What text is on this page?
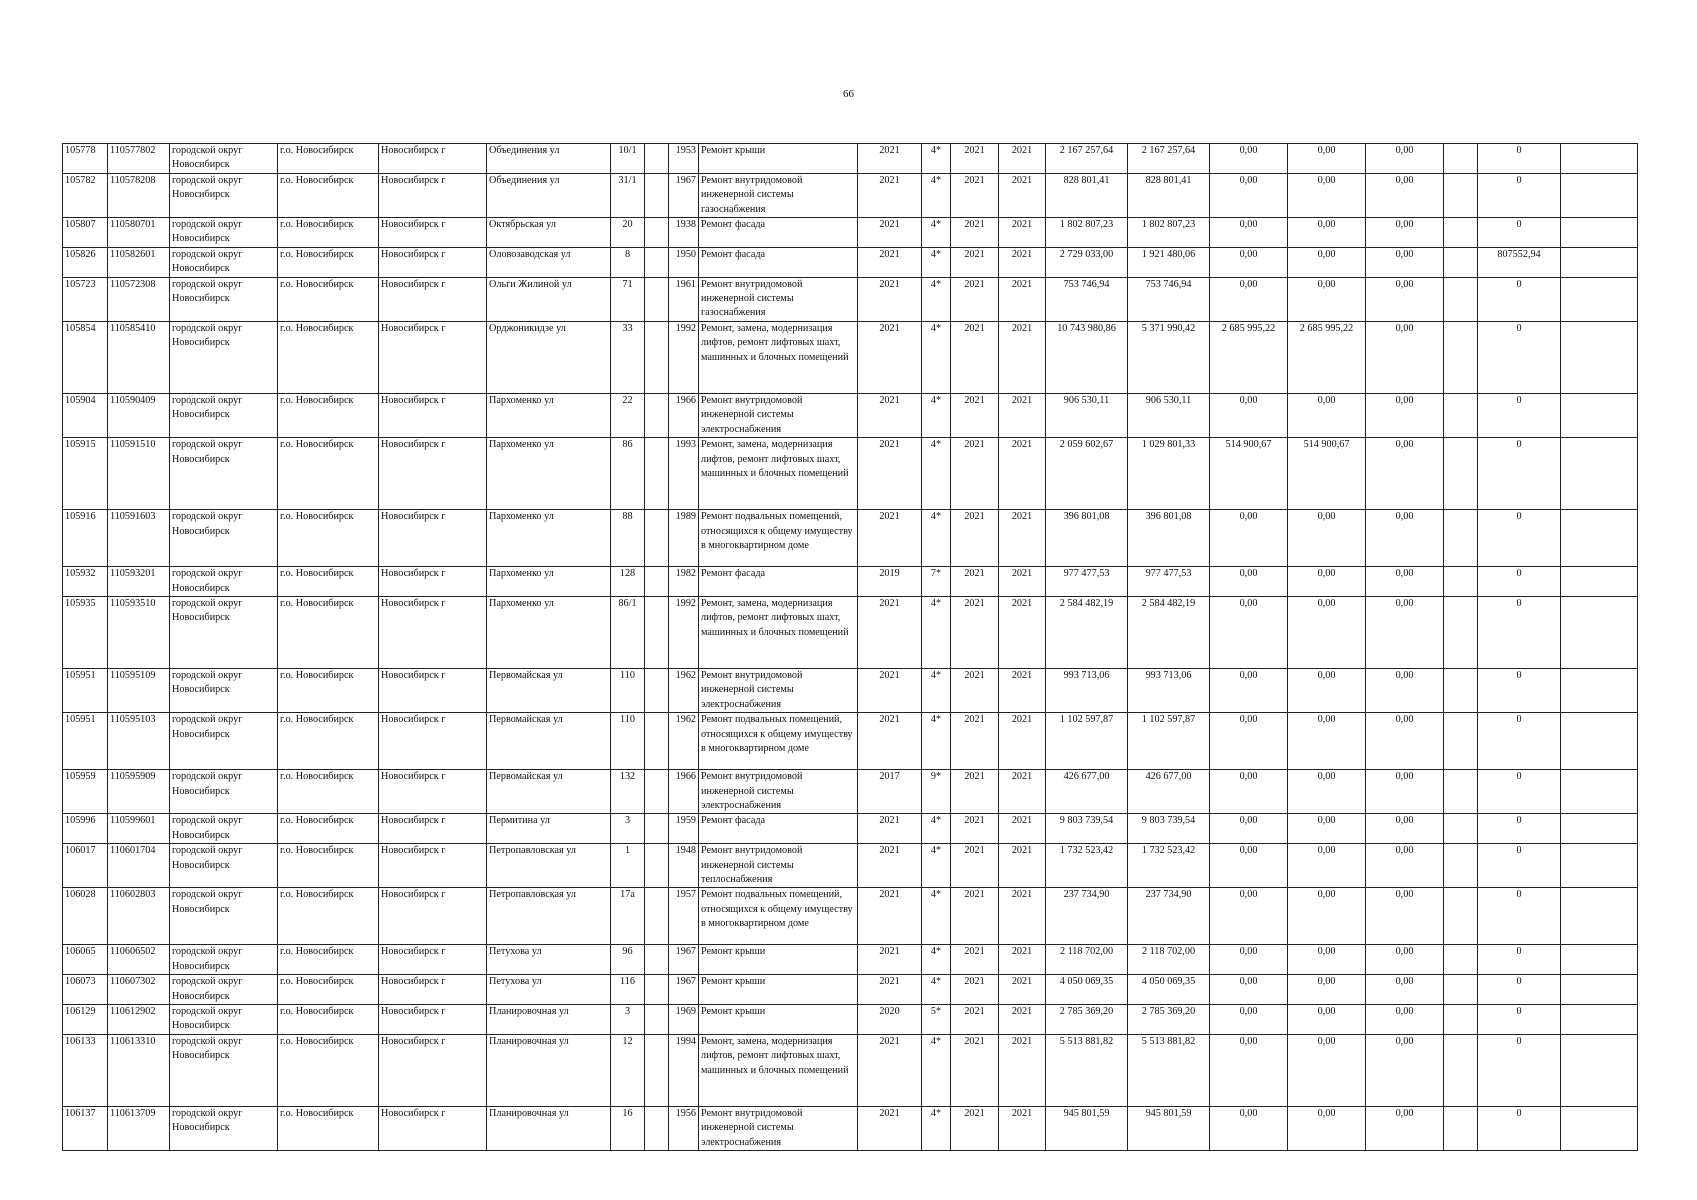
66
105778	110577802	городской округ Новосибирск	г.о. Новосибирск	Новосибирск г	Объединения ул	10/1		1953	Ремонт крыши	2021	4*	2021	2021	2 167 257,64	2 167 257,64	0,00	0,00	0,00		0	
105782	110578208	городской округ Новосибирск	г.о. Новосибирск	Новосибирск г	Объединения ул	31/1		1967	Ремонт внутридомовой инженерной системы газоснабжения	2021	4*	2021	2021	828 801,41	828 801,41	0,00	0,00	0,00		0	
105807	110580701	городской округ Новосибирск	г.о. Новосибирск	Новосибирск г	Октябрьская ул	20		1938	Ремонт фасада	2021	4*	2021	2021	1 802 807,23	1 802 807,23	0,00	0,00	0,00		0	
105826	110582601	городской округ Новосибирск	г.о. Новосибирск	Новосибирск г	Оловозаводская ул	8		1950	Ремонт фасада	2021	4*	2021	2021	2 729 033,00	1 921 480,06	0,00	0,00	0,00		807552,94	
105723	110572308	городской округ Новосибирск	г.о. Новосибирск	Новосибирск г	Ольги Жилиной ул	71		1961	Ремонт внутридомовой инженерной системы газоснабжения	2021	4*	2021	2021	753 746,94	753 746,94	0,00	0,00	0,00		0	
105854	110585410	городской округ Новосибирск	г.о. Новосибирск	Новосибирск г	Орджоникидзе ул	33		1992	Ремонт, замена, модернизация лифтов, ремонт лифтовых шахт, машинных и блочных помещений	2021	4*	2021	2021	10 743 980,86	5 371 990,42	2 685 995,22	2 685 995,22	0,00		0	
105904	110590409	городской округ Новосибирск	г.о. Новосибирск	Новосибирск г	Пархоменко ул	22		1966	Ремонт внутридомовой инженерной системы электроснабжения	2021	4*	2021	2021	906 530,11	906 530,11	0,00	0,00	0,00		0	
105915	110591510	городской округ Новосибирск	г.о. Новосибирск	Новосибирск г	Пархоменко ул	86		1993	Ремонт, замена, модернизация лифтов, ремонт лифтовых шахт, машинных и блочных помещений	2021	4*	2021	2021	2 059 602,67	1 029 801,33	514 900,67	514 900,67	0,00		0	
105916	110591603	городской округ Новосибирск	г.о. Новосибирск	Новосибирск г	Пархоменко ул	88		1989	Ремонт подвальных помещений, относящихся к общему имуществу в многоквартирном доме	2021	4*	2021	2021	396 801,08	396 801,08	0,00	0,00	0,00		0	
105932	110593201	городской округ Новосибирск	г.о. Новосибирск	Новосибирск г	Пархоменко ул	128		1982	Ремонт фасада	2019	7*	2021	2021	977 477,53	977 477,53	0,00	0,00	0,00		0	
105935	110593510	городской округ Новосибирск	г.о. Новосибирск	Новосибирск г	Пархоменко ул	86/1		1992	Ремонт, замена, модернизация лифтов, ремонт лифтовых шахт, машинных и блочных помещений	2021	4*	2021	2021	2 584 482,19	2 584 482,19	0,00	0,00	0,00		0	
105951	110595109	городской округ Новосибирск	г.о. Новосибирск	Новосибирск г	Первомайская ул	110		1962	Ремонт внутридомовой инженерной системы электроснабжения	2021	4*	2021	2021	993 713,06	993 713,06	0,00	0,00	0,00		0	
105951	110595103	городской округ Новосибирск	г.о. Новосибирск	Новосибирск г	Первомайская ул	110		1962	Ремонт подвальных помещений, относящихся к общему имуществу в многоквартирном доме	2021	4*	2021	2021	1 102 597,87	1 102 597,87	0,00	0,00	0,00		0	
105959	110595909	городской округ Новосибирск	г.о. Новосибирск	Новосибирск г	Первомайская ул	132		1966	Ремонт внутридомовой инженерной системы электроснабжения	2017	9*	2021	2021	426 677,00	426 677,00	0,00	0,00	0,00		0	
105996	110599601	городской округ Новосибирск	г.о. Новосибирск	Новосибирск г	Пермитина ул	3		1959	Ремонт фасада	2021	4*	2021	2021	9 803 739,54	9 803 739,54	0,00	0,00	0,00		0	
106017	110601704	городской округ Новосибирск	г.о. Новосибирск	Новосибирск г	Петропавловская ул	1		1948	Ремонт внутридомовой инженерной системы теплоснабжения	2021	4*	2021	2021	1 732 523,42	1 732 523,42	0,00	0,00	0,00		0	
106028	110602803	городской округ Новосибирск	г.о. Новосибирск	Новосибирск г	Петропавловская ул	17а		1957	Ремонт подвальных помещений, относящихся к общему имуществу в многоквартирном доме	2021	4*	2021	2021	237 734,90	237 734,90	0,00	0,00	0,00		0	
106065	110606502	городской округ Новосибирск	г.о. Новосибирск	Новосибирск г	Петухова ул	96		1967	Ремонт крыши	2021	4*	2021	2021	2 118 702,00	2 118 702,00	0,00	0,00	0,00		0	
106073	110607302	городской округ Новосибирск	г.о. Новосибирск	Новосибирск г	Петухова ул	116		1967	Ремонт крыши	2021	4*	2021	2021	4 050 069,35	4 050 069,35	0,00	0,00	0,00		0	
106129	110612902	городской округ Новосибирск	г.о. Новосибирск	Новосибирск г	Планировочная ул	3		1969	Ремонт крыши	2020	5*	2021	2021	2 785 369,20	2 785 369,20	0,00	0,00	0,00		0	
106133	110613310	городской округ Новосибирск	г.о. Новосибирск	Новосибирск г	Планировочная ул	12		1994	Ремонт, замена, модернизация лифтов, ремонт лифтовых шахт, машинных и блочных помещений	2021	4*	2021	2021	5 513 881,82	5 513 881,82	0,00	0,00	0,00		0	
106137	110613709	городской округ Новосибирск	г.о. Новосибирск	Новосибирск г	Планировочная ул	16		1956	Ремонт внутридомовой инженерной системы электроснабжения	2021	4*	2021	2021	945 801,59	945 801,59	0,00	0,00	0,00		0	
